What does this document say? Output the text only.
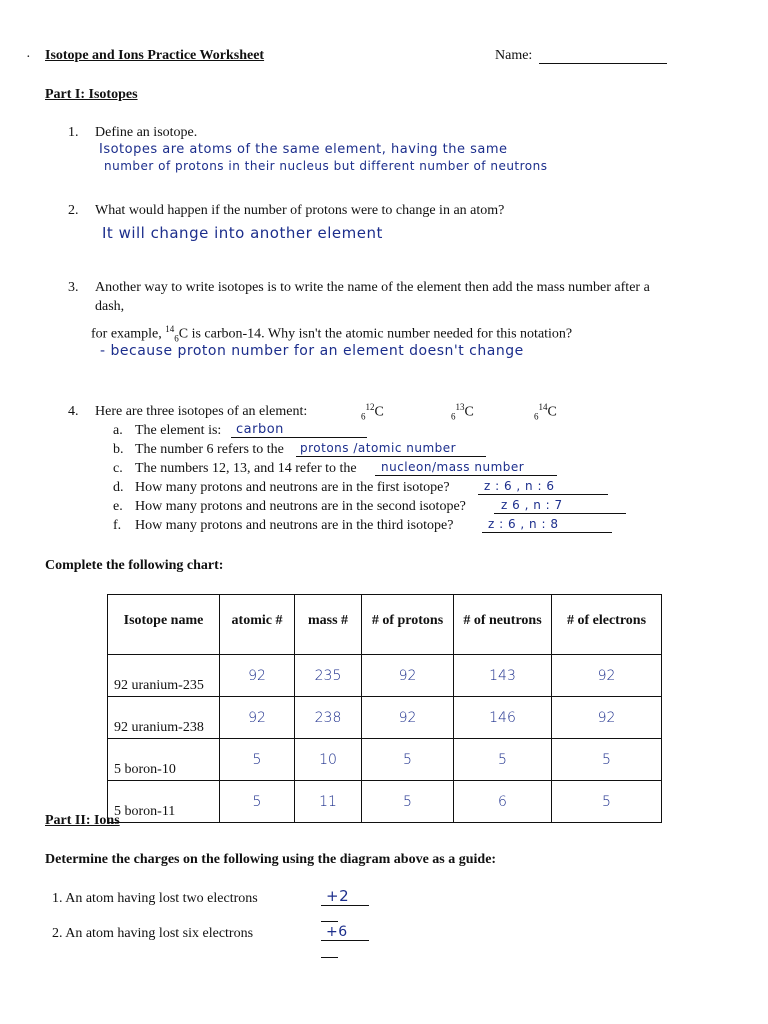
· Isotope and Ions Practice Worksheet	Name:
Part I: Isotopes
1. Define an isotope.
Isotopes are atoms of the same element, having the same
number of protons in their nucleus but different number of neutrons
2. What would happen if the number of protons were to change in an atom?
It will change into another element
3. Another way to write isotopes is to write the name of the element then add the mass number after a
dash,
for example, $^{14}_6$C is carbon-14. Why isn't the atomic number needed for this notation?
- because proton number for an element doesn't change
4. Here are three isotopes of an element:	$_6^{12}$C	$_6^{13}$C	$_6^{14}$C
a. The element is: carbon
b. The number 6 refers to the protons /atomic number
c. The numbers 12, 13, and 14 refer to the nucleon/mass number
d. How many protons and neutrons are in the first isotope?	z : 6 , n : 6
e. How many protons and neutrons are in the second isotope?	z 6 , n : 7
f. How many protons and neutrons are in the third isotope?	z : 6 , n : 8
Complete the following chart:
Isotope name	atomic #	mass #	# of protons	# of neutrons	# of electrons
92 uranium-235	92	235	92	143	92
92 uranium-238	92	238	92	146	92
5 boron-10	5	10	5	5	5
5 boron-11	5	11	5	6	5
Part II: Ions
Determine the charges on the following using the diagram above as a guide:
1. An atom having lost two electrons	+2
2. An atom having lost six electrons	+6
